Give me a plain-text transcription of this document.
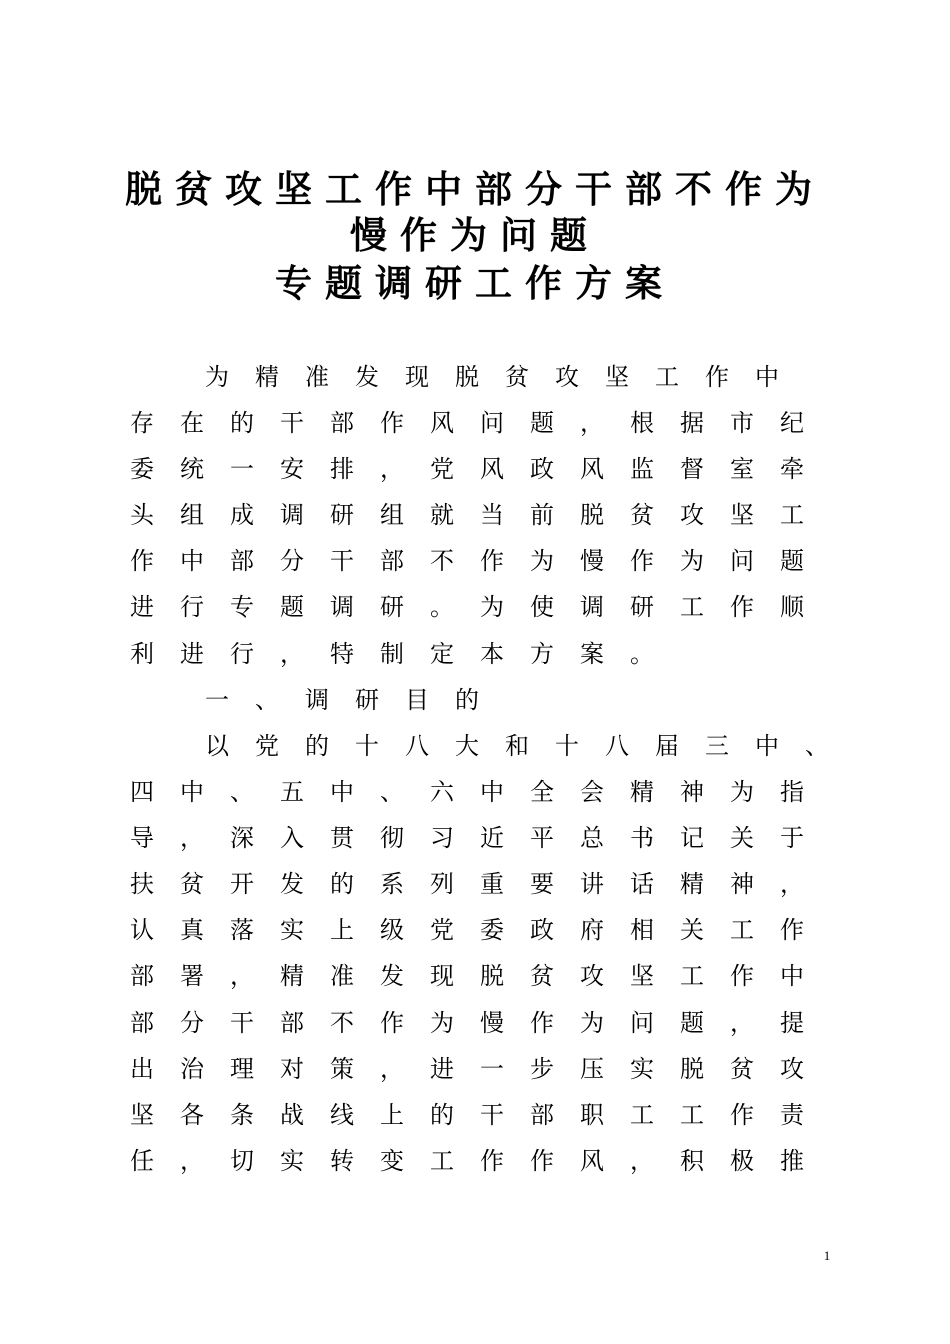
脱贫攻坚工作中部分干部不作为
慢作为问题
专题调研工作方案
为精准发现脱贫攻坚工作中
存在的干部作风问题，根据市纪
委统一安排，党风政风监督室牵
头组成调研组就当前脱贫攻坚工
作中部分干部不作为慢作为问题
进行专题调研。为使调研工作顺
利进行，特制定本方案。
一、调研目的
以党的十八大和十八届三中、
四中、五中、六中全会精神为指
导，深入贯彻习近平总书记关于
扶贫开发的系列重要讲话精神，
认真落实上级党委政府相关工作
部署，精准发现脱贫攻坚工作中
部分干部不作为慢作为问题，提
出治理对策，进一步压实脱贫攻
坚各条战线上的干部职工工作责
任，切实转变工作作风，积极推
1
